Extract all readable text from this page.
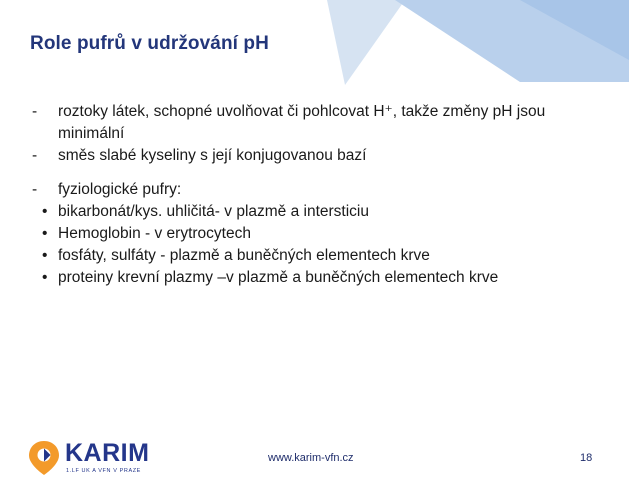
Role pufrů v udržování pH
-	roztoky látek, schopné uvolňovat či pohlcovat H⁺, takže změny pH jsou minimální
-	směs slabé kyseliny s její konjugovanou bazí
-	fyziologické pufry:
• bikarbonát/kys. uhličitá- v plazmě a intersticiu
• Hemoglobin - v erytrocytech
• fosfáty, sulfáty - plazmě a buněčných elementech krve
• proteiny krevní plazmy –v plazmě a buněčných elementech krve
KARIM
1.LF UK A VFN V PRAZE
www.karim-vfn.cz	18
